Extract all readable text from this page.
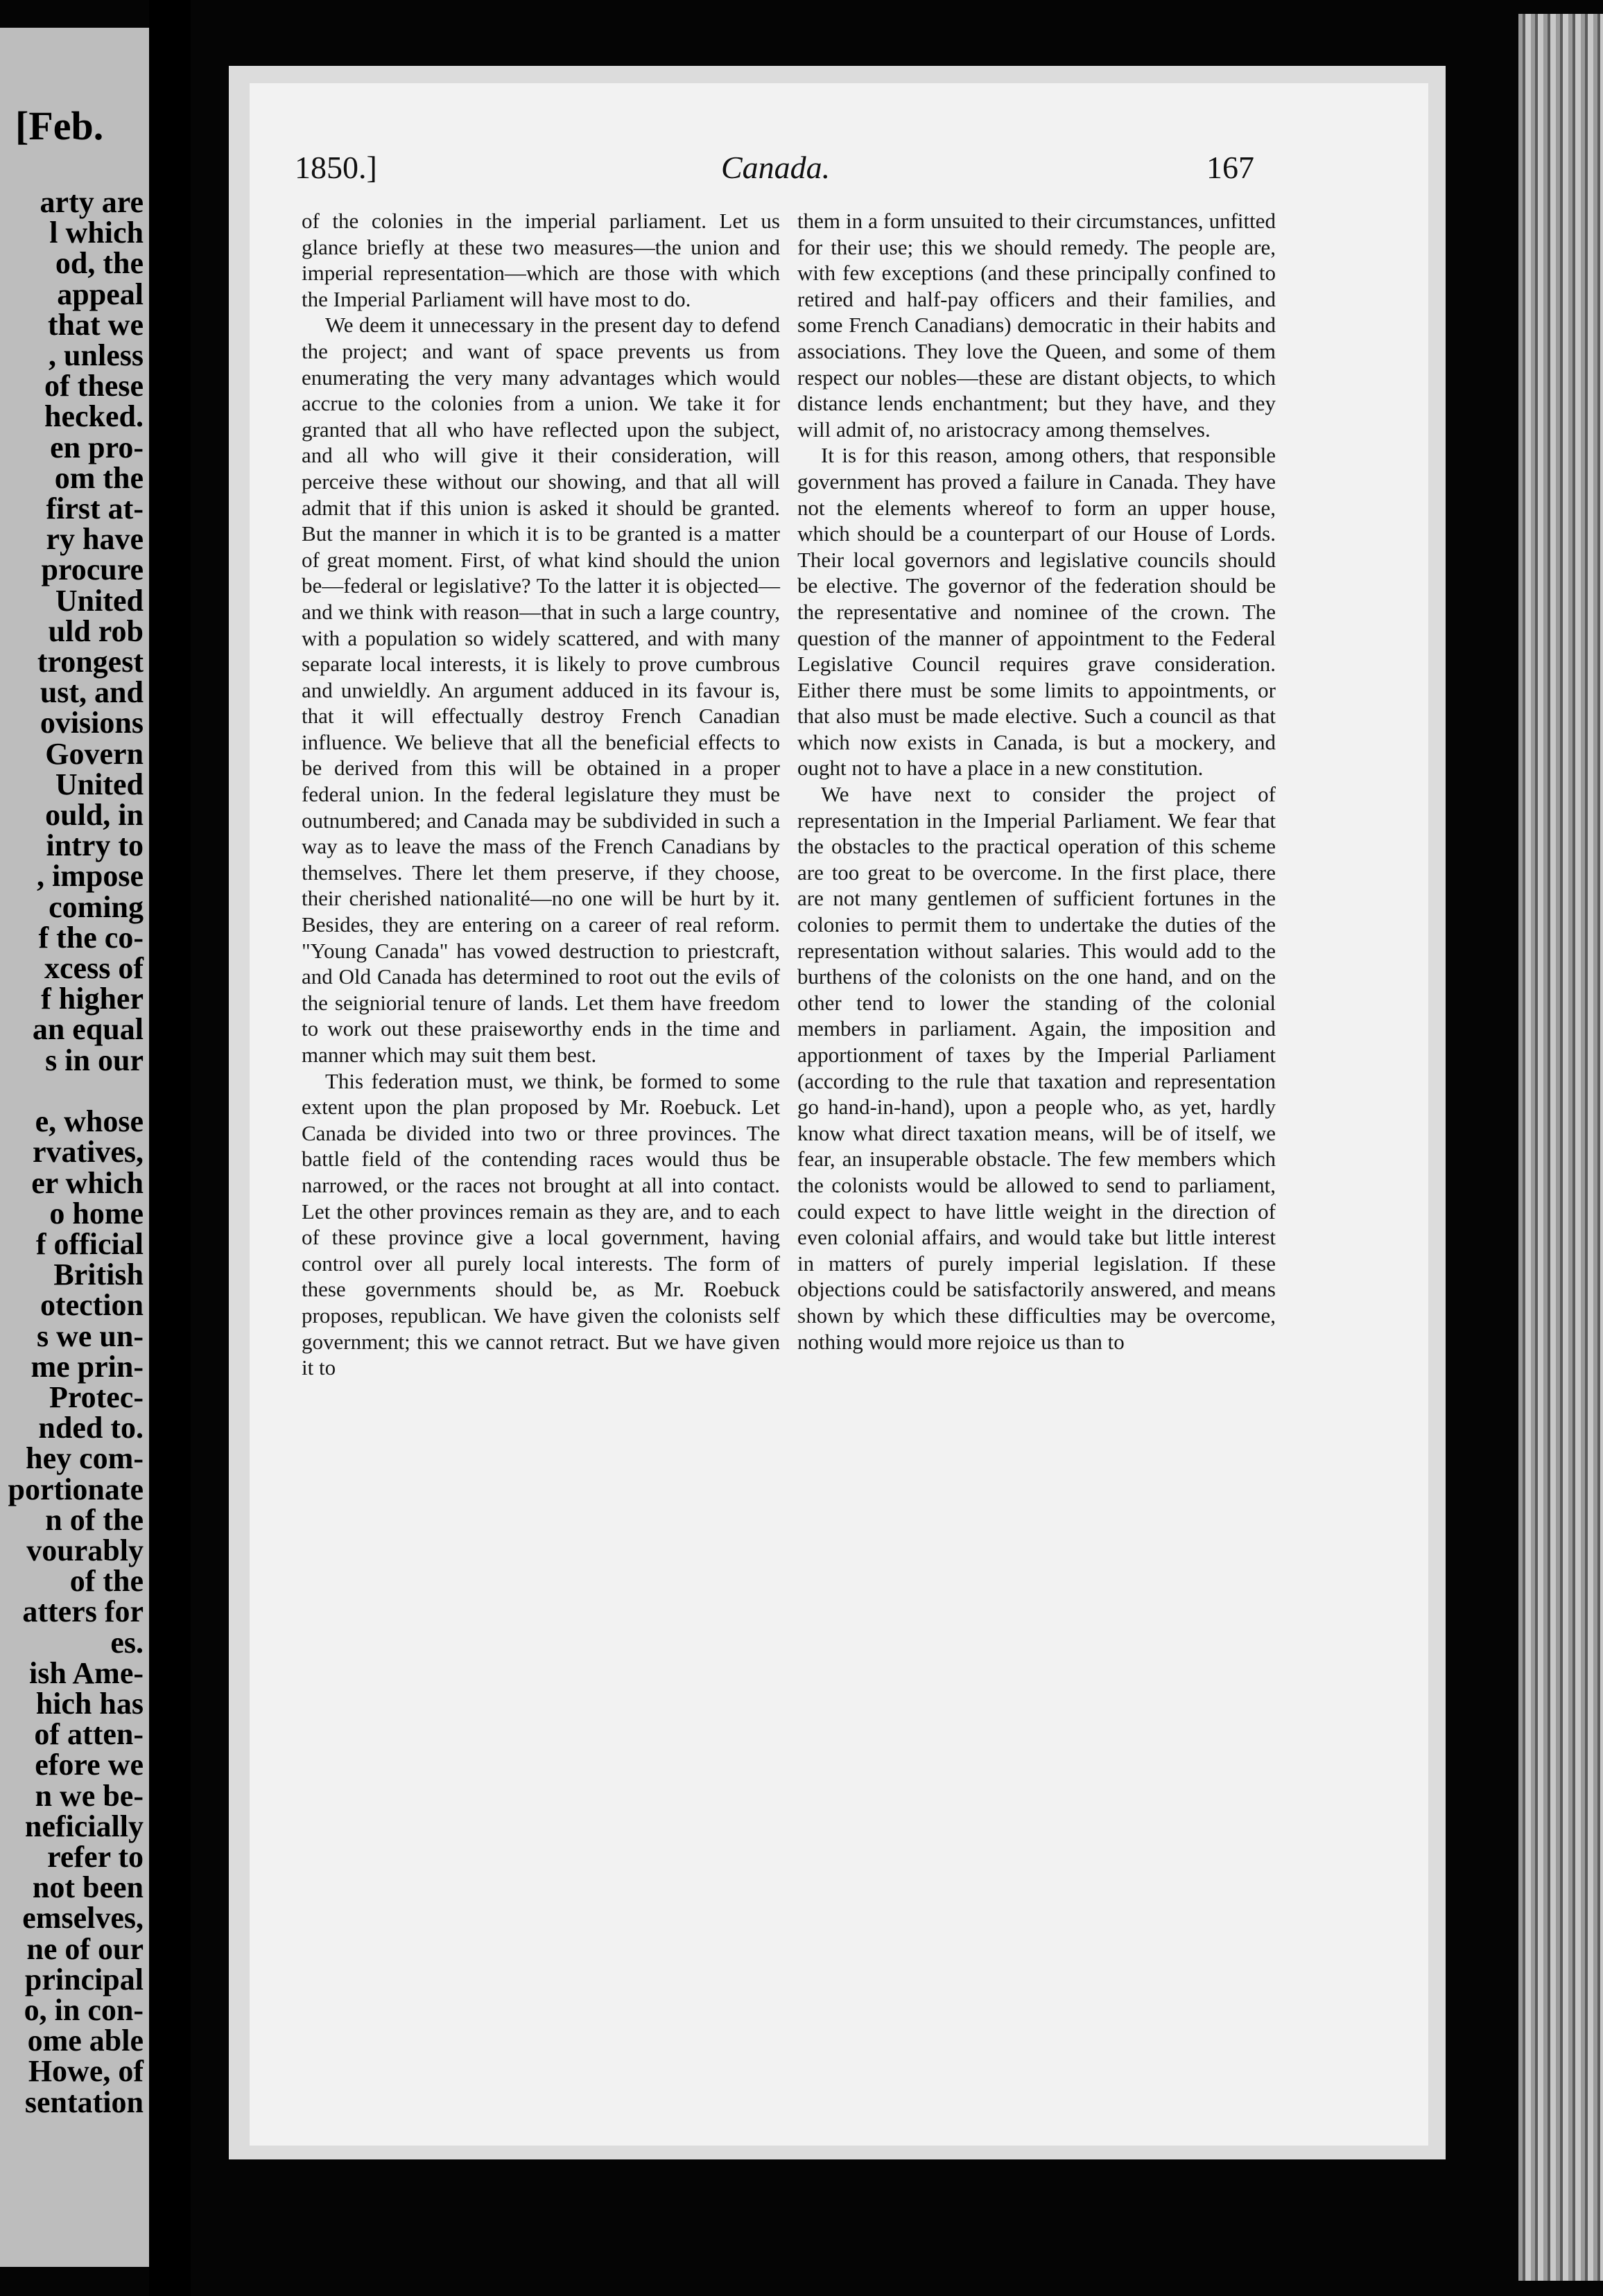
[Feb.
arty are
l which
od, the
appeal
that we
, unless
of these
hecked.
en pro-
om the
first at-
ry have
procure
United
uld rob
trongest
ust, and
ovisions
Govern
United
ould, in
intry to
, impose
coming
f the co-
xcess of
f higher
an equal
s in our

e, whose
rvatives,
er which
o home
f official
British
otection
s we un-
me prin-
Protec-
nded to.
hey com-
portionate
n of the
vourably
of the
atters for
es.
ish Ame-
hich has
of atten-
efore we
n we be-
neficially
refer to
not been
emselves,
ne of our
principal
o, in con-
ome able
Howe, of
sentation
1850.]	Canada.	167

of the colonies in the imperial parliament. Let us glance briefly at these two measures—the union and imperial representation—which are those with which the Imperial Parliament will have most to do.

We deem it unnecessary in the present day to defend the project; and want of space prevents us from enumerating the very many advantages which would accrue to the colonies from a union. We take it for granted that all who have reflected upon the subject, and all who will give it their consideration, will perceive these without our showing, and that all will admit that if this union is asked it should be granted. But the manner in which it is to be granted is a matter of great moment. First, of what kind should the union be—federal or legislative? To the latter it is objected—and we think with reason—that in such a large country, with a population so widely scattered, and with many separate local interests, it is likely to prove cumbrous and unwieldly. An argument adduced in its favour is, that it will effectually destroy French Canadian influence. We believe that all the beneficial effects to be derived from this will be obtained in a proper federal union. In the federal legislature they must be outnumbered; and Canada may be subdivided in such a way as to leave the mass of the French Canadians by themselves. There let them preserve, if they choose, their cherished nationalité—no one will be hurt by it. Besides, they are entering on a career of real reform. "Young Canada" has vowed destruction to priestcraft, and Old Canada has determined to root out the evils of the seigniorial tenure of lands. Let them have freedom to work out these praiseworthy ends in the time and manner which may suit them best.

This federation must, we think, be formed to some extent upon the plan proposed by Mr. Roebuck. Let Canada be divided into two or three provinces. The battle field of the contending races would thus be narrowed, or the races not brought at all into contact. Let the other provinces remain as they are, and to each of these province give a local government, having control over all purely local interests. The form of these governments should be, as Mr. Roebuck proposes, republican. We have given the colonists self government; this we cannot retract. But we have given it to

them in a form unsuited to their circumstances, unfitted for their use; this we should remedy. The people are, with few exceptions (and these principally confined to retired and half-pay officers and their families, and some French Canadians) democratic in their habits and associations. They love the Queen, and some of them respect our nobles—these are distant objects, to which distance lends enchantment; but they have, and they will admit of, no aristocracy among themselves.

It is for this reason, among others, that responsible government has proved a failure in Canada. They have not the elements whereof to form an upper house, which should be a counterpart of our House of Lords. Their local governors and legislative councils should be elective. The governor of the federation should be the representative and nominee of the crown. The question of the manner of appointment to the Federal Legislative Council requires grave consideration. Either there must be some limits to appointments, or that also must be made elective. Such a council as that which now exists in Canada, is but a mockery, and ought not to have a place in a new constitution.

We have next to consider the project of representation in the Imperial Parliament. We fear that the obstacles to the practical operation of this scheme are too great to be overcome. In the first place, there are not many gentlemen of sufficient fortunes in the colonies to permit them to undertake the duties of the representation without salaries. This would add to the burthens of the colonists on the one hand, and on the other tend to lower the standing of the colonial members in parliament. Again, the imposition and apportionment of taxes by the Imperial Parliament (according to the rule that taxation and representation go hand-in-hand), upon a people who, as yet, hardly know what direct taxation means, will be of itself, we fear, an insuperable obstacle. The few members which the colonists would be allowed to send to parliament, could expect to have little weight in the direction of even colonial affairs, and would take but little interest in matters of purely imperial legislation. If these objections could be satisfactorily answered, and means shown by which these difficulties may be overcome, nothing would more rejoice us than to
